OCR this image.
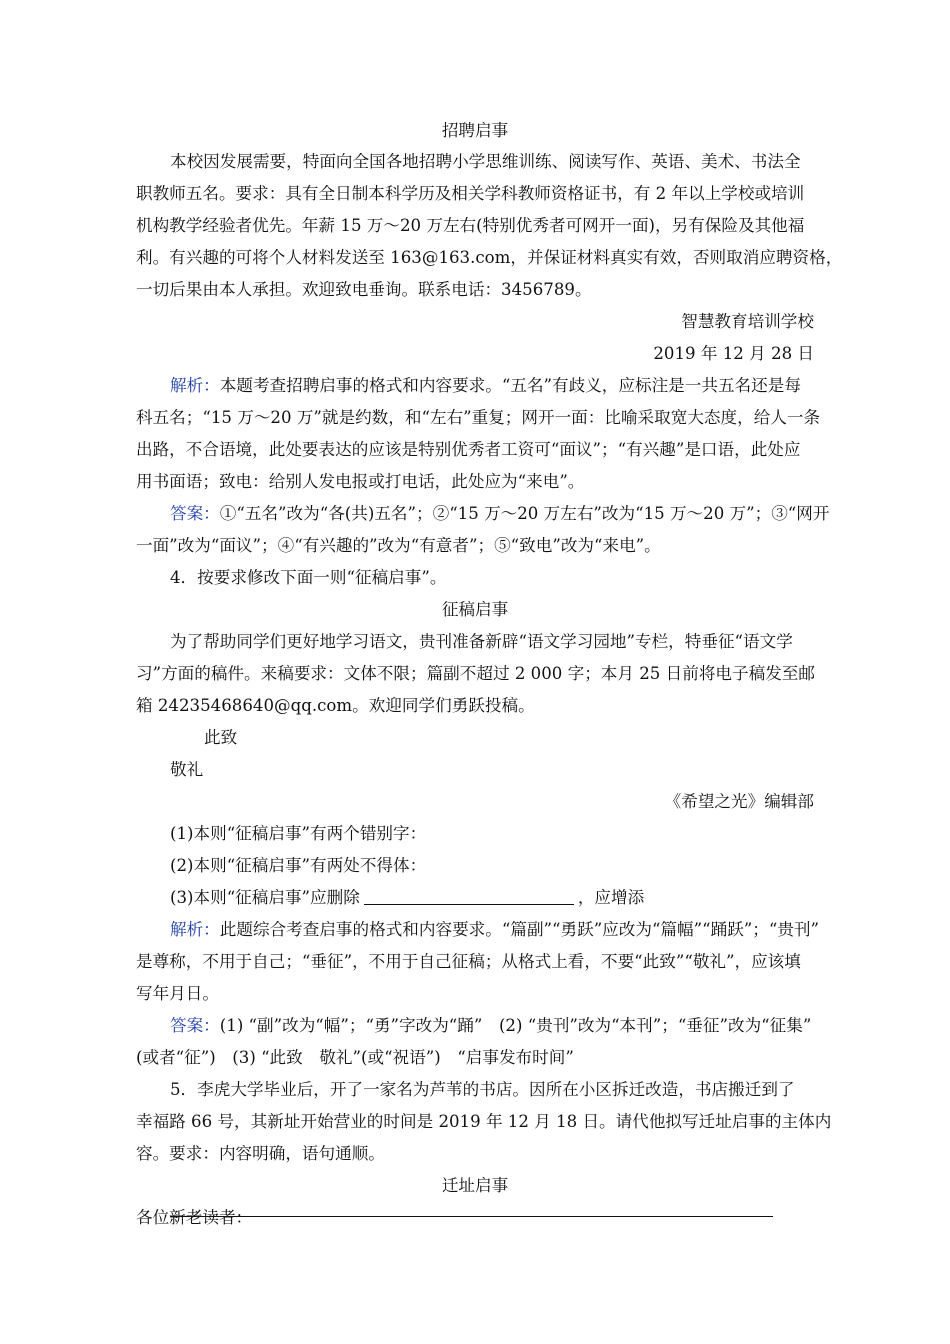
招聘启事
本校因发展需要，特面向全国各地招聘小学思维训练、阅读写作、英语、美术、书法全
职教师五名。要求：具有全日制本科学历及相关学科教师资格证书，有 2 年以上学校或培训
机构教学经验者优先。年薪 15 万～20 万左右(特别优秀者可网开一面)，另有保险及其他福
利。有兴趣的可将个人材料发送至 163@163.com，并保证材料真实有效，否则取消应聘资格，
一切后果由本人承担。欢迎致电垂询。联系电话：3456789。
智慧教育培训学校
2019 年 12 月 28 日
解析：本题考查招聘启事的格式和内容要求。“五名”有歧义，应标注是一共五名还是每
科五名；“15 万～20 万”就是约数，和“左右”重复；网开一面：比喻采取宽大态度，给人一条
出路，不合语境，此处要表达的应该是特别优秀者工资可“面议”；“有兴趣”是口语，此处应
用书面语；致电：给别人发电报或打电话，此处应为“来电”。
答案：①“五名”改为“各(共)五名”；②“15 万～20 万左右”改为“15 万～20 万”；③“网开
一面”改为“面议”；④“有兴趣的”改为“有意者”；⑤“致电”改为“来电”。
4．按要求修改下面一则“征稿启事”。
征稿启事
为了帮助同学们更好地学习语文，贵刊准备新辟“语文学习园地”专栏，特垂征“语文学
习”方面的稿件。来稿要求：文体不限；篇副不超过 2 000 字；本月 25 日前将电子稿发至邮
箱 24235468640@qq.com。欢迎同学们勇跃投稿。
此致
敬礼
《希望之光》编辑部
(1)本则“征稿启事”有两个错别字：
(2)本则“征稿启事”有两处不得体：
(3)本则“征稿启事”应删除	，应增添
解析：此题综合考查启事的格式和内容要求。“篇副”“勇跃”应改为“篇幅”“踊跃”；“贵刊”
是尊称，不用于自己；“垂征”，不用于自己征稿；从格式上看，不要“此致”“敬礼”，应该填
写年月日。
答案：(1) “副”改为“幅”；“勇”字改为“踊”　(2) “贵刊”改为“本刊”；“垂征”改为“征集”
(或者“征”)　(3) “此致　敬礼”(或“祝语”)　“启事发布时间”
5．李虎大学毕业后，开了一家名为芦苇的书店。因所在小区拆迁改造，书店搬迁到了
幸福路 66 号，其新址开始营业的时间是 2019 年 12 月 18 日。请代他拟写迁址启事的主体内
容。要求：内容明确，语句通顺。
迁址启事
各位新老读者：
